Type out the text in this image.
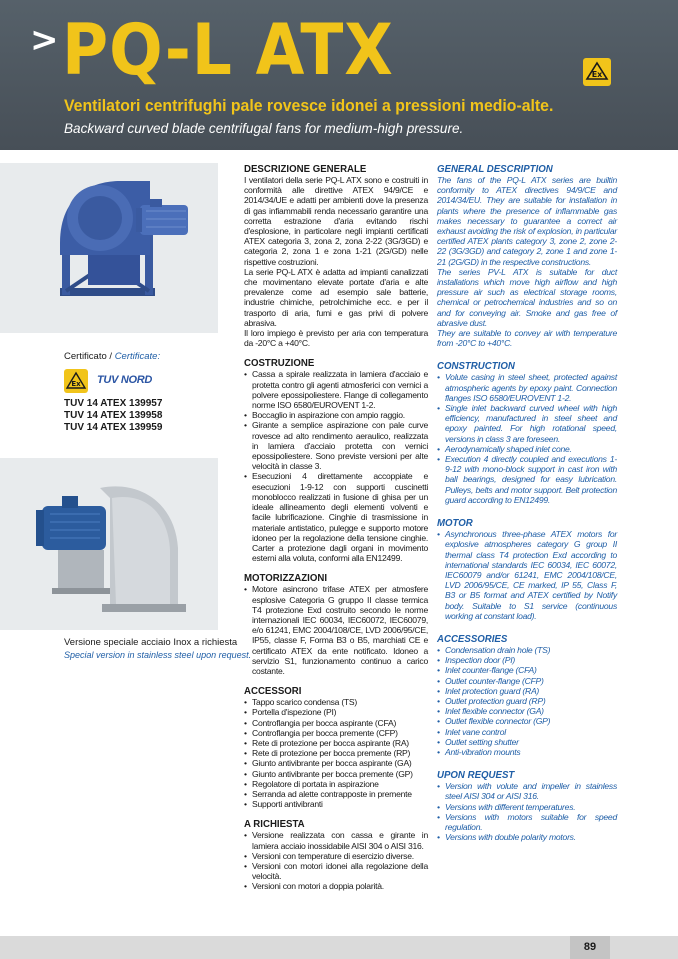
> PQ-L ATX	Ex
Ventilatori centrifughi pale rovesce idonei a pressioni medio-alte.
Backward curved blade centrifugal fans for medium-high pressure.
Certificato / Certificate:
Ex TUV NORD
TUV 14 ATEX 139957
TUV 14 ATEX 139958
TUV 14 ATEX 139959
Versione speciale acciaio Inox a richiesta
Special version in stainless steel upon request.
DESCRIZIONE GENERALE

I ventilatori della serie PQ-L ATX sono e costruiti in conformità alle direttive ATEX 94/9/CE e 2014/34/UE e adatti per ambienti dove la presenza di gas infiammabili renda necessario garantire una corretta estrazione d'aria evitando rischi d'esplosione, in particolare negli impianti certificati ATEX categoria 3, zona 2, zona 2-22 (3G/3GD) e categoria 2, zona 1 e zona 1-21 (2G/GD) nelle rispettive costruzioni.

La serie PQ-L ATX è adatta ad impianti canalizzati che movimentano elevate portate d'aria e alte prevalenze come ad esempio sale batterie, industrie chimiche, petrolchimiche ecc. e per il trasporto di aria, fumi e gas privi di polvere abrasiva.

Il loro impiego è previsto per aria con temperatura da -20°C a +40°C.

COSTRUZIONE
• Cassa a spirale realizzata in lamiera d'acciaio e protetta contro gli agenti atmosferici con vernici a polvere epossipoliestere. Flange di collegamento norme ISO 6580/EUROVENT 1-2.
• Boccaglio in aspirazione con ampio raggio.
• Girante a semplice aspirazione con pale curve rovesce ad alto rendimento aeraulico, realizzata in lamiera d'acciaio protetta con vernici epossipoliestere. Sono previste versioni per alte velocità in classe 3.
• Esecuzioni 4 direttamente accoppiate e esecuzioni 1-9-12 con supporti cuscinetti monoblocco realizzati in fusione di ghisa per un ideale allineamento degli elementi volventi e facile lubrificazione. Cinghie di trasmissione in materiale antistatico, pulegge e supporto motore idoneo per la regolazione della tensione cinghie. Carter a protezione dagli organi in movimento esterni alla voluta, conformi alla EN12499.
MOTORIZZAZIONI
• Motore asincrono trifase ATEX per atmosfere esplosive Categoria G gruppo II classe termica T4 protezione Exd costruito secondo le norme internazionali IEC 60034, IEC60072, IEC60079, e/o 61241, EMC 2004/108/CE, LVD 2006/95/CE, IP55, classe F, Forma B3 o B5, marchiati CE e certificato ATEX da ente notificato. Idoneo a servizio S1, funzionamento continuo a carico costante.
ACCESSORI
• Tappo scarico condensa (TS)
• Portella d'ispezione (PI)
• Controflangia per bocca aspirante (CFA)
• Controflangia per bocca premente (CFP)
• Rete di protezione per bocca aspirante (RA)
• Rete di protezione per bocca premente (RP)
• Giunto antivibrante per bocca aspirante (GA)
• Giunto antivibrante per bocca premente (GP)
• Regolatore di portata in aspirazione
• Serranda ad alette contrapposte in premente
• Supporti antivibranti
A RICHIESTA
• Versione realizzata con cassa e girante in lamiera acciaio inossidabile AISI 304 o AISI 316.
• Versioni con temperature di esercizio diverse.
• Versioni con motori idonei alla regolazione della velocità.
• Versioni con motori a doppia polarità.
GENERAL DESCRIPTION

The fans of the PQ-L ATX series are builtin conformity to ATEX directives 94/9/CE and 2014/34/EU. They are suitable for installation in plants where the presence of inflammable gas makes necessary to guarantee a correct air exhaust avoiding the risk of explosion, in particular certified ATEX plants category 3, zone 2, zone 2-22 (3G/3GD) and category 2, zone 1 and zone 1-21 (2G/GD) in the respective constructions.

The series PV-L ATX is suitable for duct installations which move high airflow and high pressure air such as electrical storage rooms, chemical or petrochemical industries and so on and for conveying air. Smoke and gas free of abrasive dust.

They are suitable to convey air with temperature from -20°C to +40°C.

CONSTRUCTION
• Volute casing in steel sheet, protected against atmospheric agents by epoxy paint. Connection flanges ISO 6580/EUROVENT 1-2.
• Single inlet backward curved wheel with high efficiency, manufactured in steel sheet and epoxy painted. For high rotational speed, versions in class 3 are foreseen.
• Aerodynamically shaped inlet cone.
• Execution 4 directly coupled and executions 1-9-12 with mono-block support in cast iron with ball bearings, designed for easy lubrication. Pulleys, belts and motor support. Belt protection guard according to EN12499.
MOTOR
• Asynchronous three-phase ATEX motors for explosive atmospheres category G group II thermal class T4 protection Exd according to international standards IEC 60034, IEC 60072, IEC60079 and/or 61241, EMC 2004/108/CE, LVD 2006/95/CE, CE marked, IP 55, Class F, B3 or B5 format and ATEX certified by Notify body. Suitable to S1 service (continuous working at constant load).
ACCESSORIES
• Condensation drain hole (TS)
• Inspection door (PI)
• Inlet counter-flange (CFA)
• Outlet counter-flange (CFP)
• Inlet protection guard (RA)
• Outlet protection guard (RP)
• Inlet flexible connector (GA)
• Outlet flexible connector (GP)
• Inlet vane control
• Outlet setting shutter
• Anti-vibration mounts
UPON REQUEST
• Version with volute and impeller in stainless steel AISI 304 or AISI 316.
• Versions with different temperatures.
• Versions with motors suitable for speed regulation.
• Versions with double polarity motors.
89
